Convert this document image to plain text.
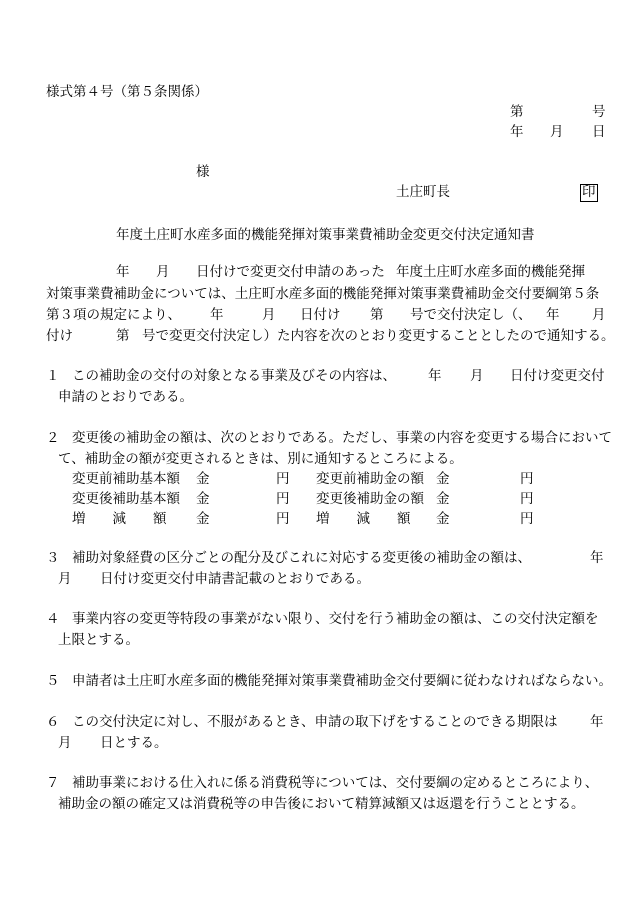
様式第４号（第５条関係）
第	号
年 月 日
様
土庄町長	印
年度土庄町水産多面的機能発揮対策事業費補助金変更交付決定通知書
年 月 日付けで変更交付申請のあった 年度土庄町水産多面的機能発揮
対策事業費補助金については、土庄町水産多面的機能発揮対策事業費補助金交付要綱第５条
第３項の規定により、 年	月 日付け 第 号で交付決定し（、 年 月
付け	第 号で変更交付決定し）た内容を次のとおり変更することとしたので通知する。
１ この補助金の交付の対象となる事業及びその内容は、 年 月 日付け変更交付
申請のとおりである。
２ 変更後の補助金の額は、次のとおりである。ただし、事業の内容を変更する場合において
て、補助金の額が変更されるときは、別に通知するところによる。
変更前補助基本額 金	円 変更前補助金の額 金	円
変更後補助基本額 金	円 変更後補助金の額 金	円
増　　減　　額 金	円 増　　減　　額 金	円
３ 補助対象経費の区分ごとの配分及びこれに対応する変更後の補助金の額は、	年
月 日付け変更交付申請書記載のとおりである。
４ 事業内容の変更等特段の事業がない限り、交付を行う補助金の額は、この交付決定額を
上限とする。
５ 申請者は土庄町水産多面的機能発揮対策事業費補助金交付要綱に従わなければならない。
６ この交付決定に対し、不服があるとき、申請の取下げをすることのできる期限は 年
月 日とする。
７ 補助事業における仕入れに係る消費税等については、交付要綱の定めるところにより、
補助金の額の確定又は消費税等の申告後において精算減額又は返還を行うこととする。
